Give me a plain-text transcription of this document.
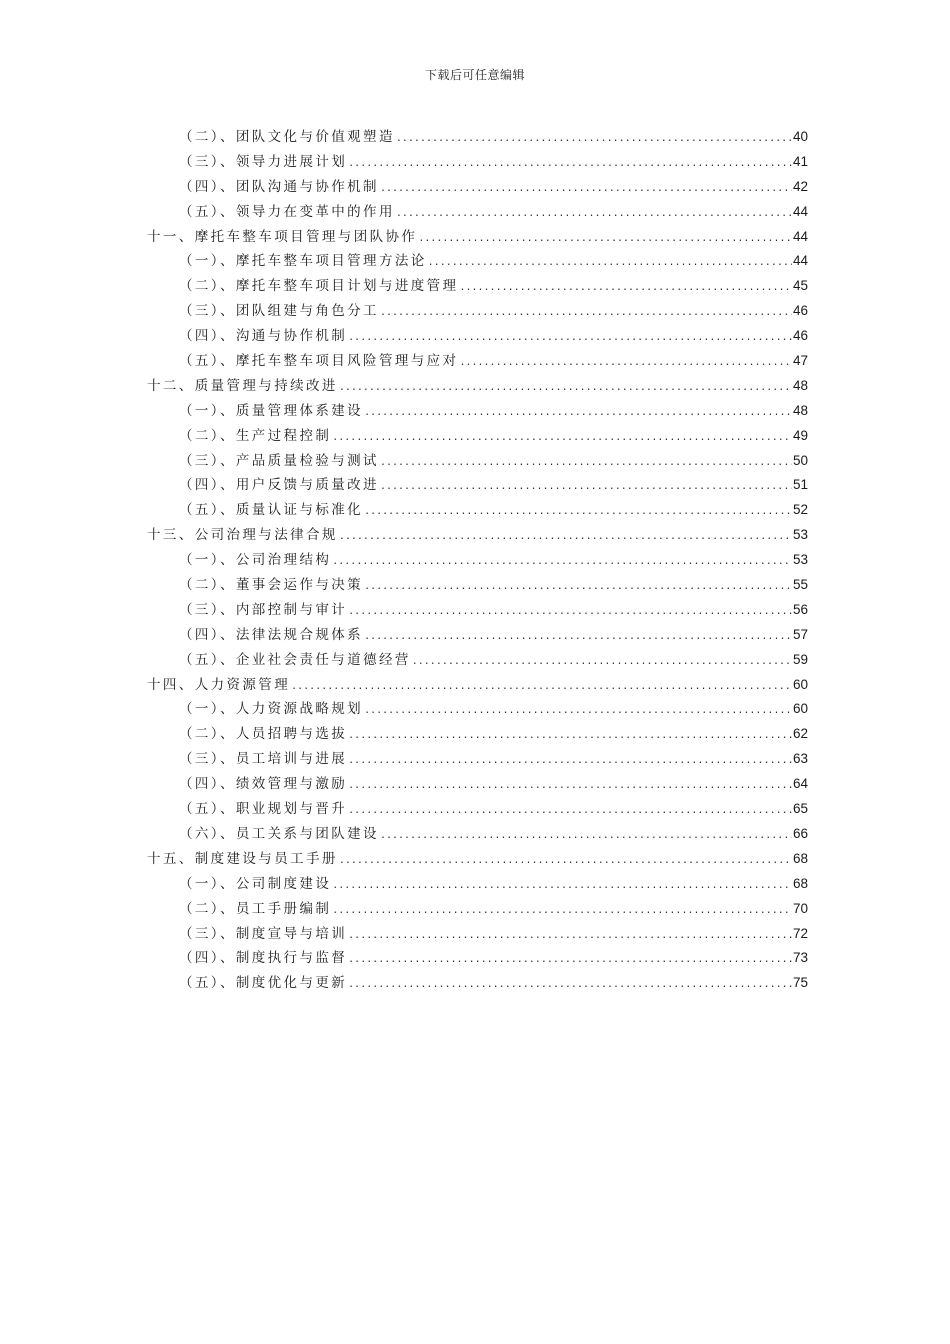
下载后可任意编辑
（二）、团队文化与价值观塑造 .....	40
（三）、领导力进展计划 .....	41
（四）、团队沟通与协作机制 .....	42
（五）、领导力在变革中的作用 .....	44
十一、摩托车整车项目管理与团队协作 .....	44
（一）、摩托车整车项目管理方法论 .....	44
（二）、摩托车整车项目计划与进度管理 .....	45
（三）、团队组建与角色分工 .....	46
（四）、沟通与协作机制 .....	46
（五）、摩托车整车项目风险管理与应对 .....	47
十二、质量管理与持续改进 .....	48
（一）、质量管理体系建设 .....	48
（二）、生产过程控制 .....	49
（三）、产品质量检验与测试 .....	50
（四）、用户反馈与质量改进 .....	51
（五）、质量认证与标准化 .....	52
十三、公司治理与法律合规 .....	53
（一）、公司治理结构 .....	53
（二）、董事会运作与决策 .....	55
（三）、内部控制与审计 .....	56
（四）、法律法规合规体系 .....	57
（五）、企业社会责任与道德经营 .....	59
十四、人力资源管理 .....	60
（一）、人力资源战略规划 .....	60
（二）、人员招聘与选拔 .....	62
（三）、员工培训与进展 .....	63
（四）、绩效管理与激励 .....	64
（五）、职业规划与晋升 .....	65
（六）、员工关系与团队建设 .....	66
十五、制度建设与员工手册 .....	68
（一）、公司制度建设 .....	68
（二）、员工手册编制 .....	70
（三）、制度宣导与培训 .....	72
（四）、制度执行与监督 .....	73
（五）、制度优化与更新 .....	75
